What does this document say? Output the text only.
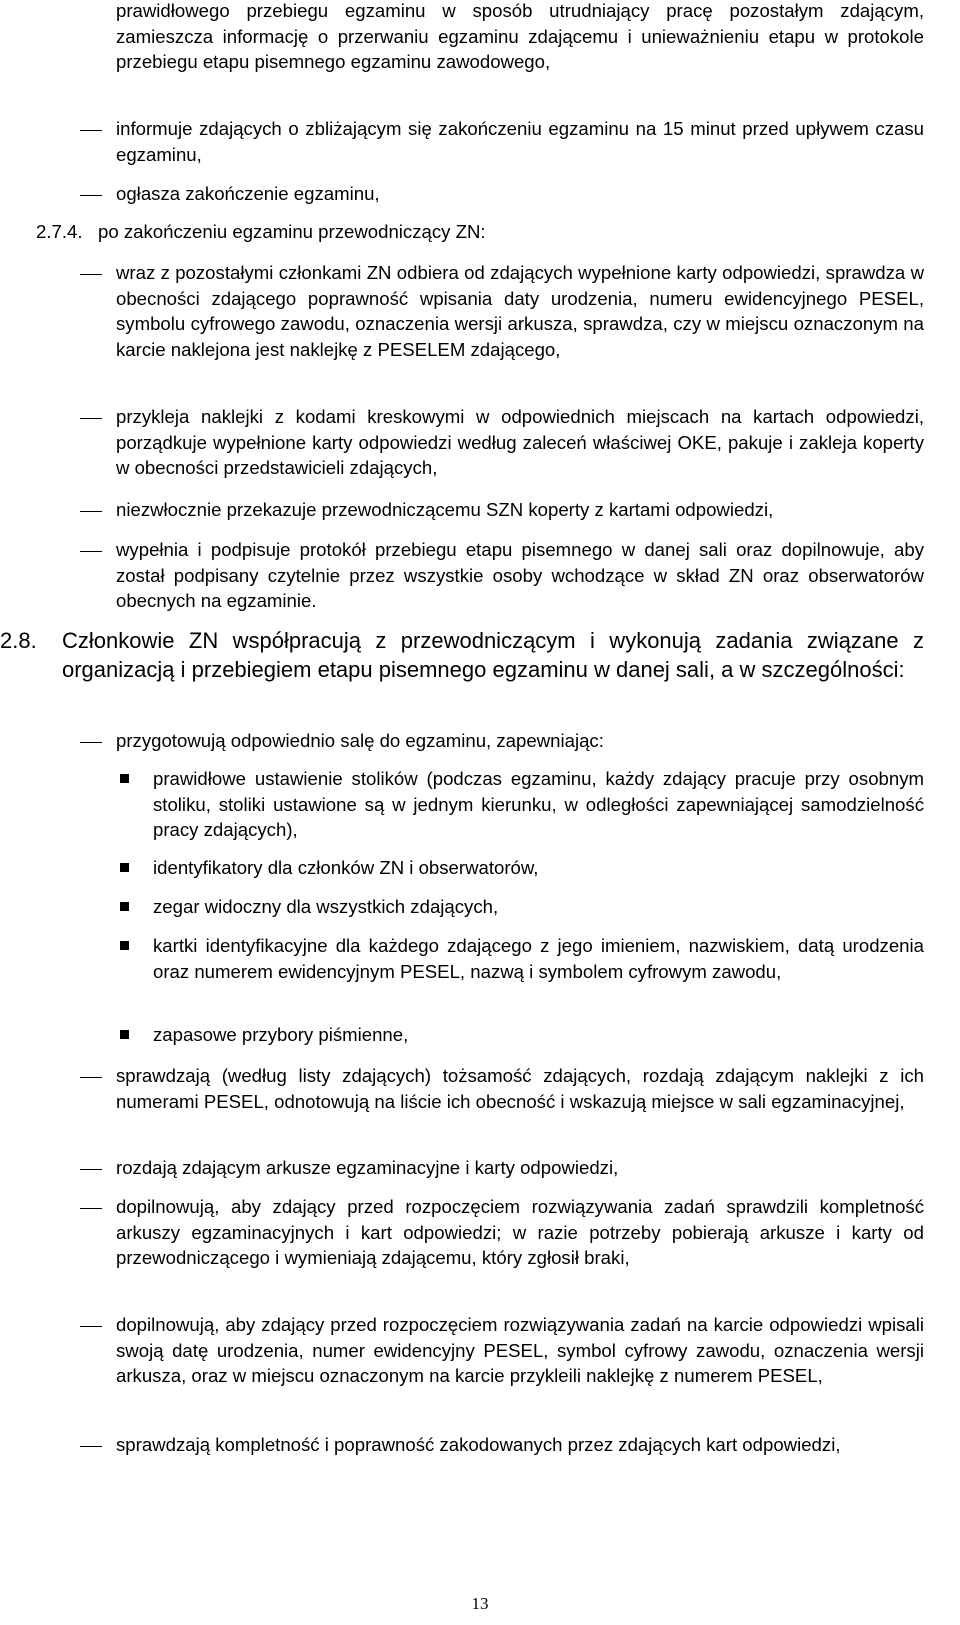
prawidłowego przebiegu egzaminu w sposób utrudniający pracę pozostałym zdającym, zamieszcza informację o przerwaniu egzaminu zdającemu i unieważnieniu etapu w protokole przebiegu etapu pisemnego egzaminu zawodowego,

informuje zdających o zbliżającym się zakończeniu egzaminu na 15 minut przed upływem czasu egzaminu,

ogłasza zakończenie egzaminu,

2.7.4. po zakończeniu egzaminu przewodniczący ZN:

wraz z pozostałymi członkami ZN odbiera od zdających wypełnione karty odpowiedzi, sprawdza w obecności zdającego poprawność wpisania daty urodzenia, numeru ewidencyjnego PESEL, symbolu cyfrowego zawodu, oznaczenia wersji arkusza, sprawdza, czy w miejscu oznaczonym na karcie naklejona jest naklejkę z PESELEM zdającego,

przykleja naklejki z kodami kreskowymi w odpowiednich miejscach na kartach odpowiedzi, porządkuje wypełnione karty odpowiedzi według zaleceń właściwej OKE, pakuje i zakleja koperty w obecności przedstawicieli zdających,

niezwłocznie przekazuje przewodniczącemu SZN koperty z kartami odpowiedzi,

wypełnia i podpisuje protokół przebiegu etapu pisemnego w danej sali oraz dopilnowuje, aby został podpisany czytelnie przez wszystkie osoby wchodzące w skład ZN oraz obserwatorów obecnych na egzaminie.

2.8. Członkowie ZN współpracują z przewodniczącym i wykonują zadania związane z organizacją i przebiegiem etapu pisemnego egzaminu w danej sali, a w szczególności:

przygotowują odpowiednio salę do egzaminu, zapewniając:

prawidłowe ustawienie stolików (podczas egzaminu, każdy zdający pracuje przy osobnym stoliku, stoliki ustawione są w jednym kierunku, w odległości zapewniającej samodzielność pracy zdających),

identyfikatory dla członków ZN i obserwatorów,

zegar widoczny dla wszystkich zdających,

kartki identyfikacyjne dla każdego zdającego z jego imieniem, nazwiskiem, datą urodzenia oraz numerem ewidencyjnym PESEL, nazwą i symbolem cyfrowym zawodu,

zapasowe przybory piśmienne,

sprawdzają (według listy zdających) tożsamość zdających, rozdają zdającym naklejki z ich numerami PESEL, odnotowują na liście ich obecność i wskazują miejsce w sali egzaminacyjnej,

rozdają zdającym arkusze egzaminacyjne i karty odpowiedzi,

dopilnowują, aby zdający przed rozpoczęciem rozwiązywania zadań sprawdzili kompletność arkuszy egzaminacyjnych i kart odpowiedzi; w razie potrzeby pobierają arkusze i karty od przewodniczącego i wymieniają zdającemu, który zgłosił braki,

dopilnowują, aby zdający przed rozpoczęciem rozwiązywania zadań na karcie odpowiedzi wpisali swoją datę urodzenia, numer ewidencyjny PESEL, symbol cyfrowy zawodu, oznaczenia wersji arkusza, oraz w miejscu oznaczonym na karcie przykleili naklejkę z numerem PESEL,

sprawdzają kompletność i poprawność zakodowanych przez zdających kart odpowiedzi,

13
